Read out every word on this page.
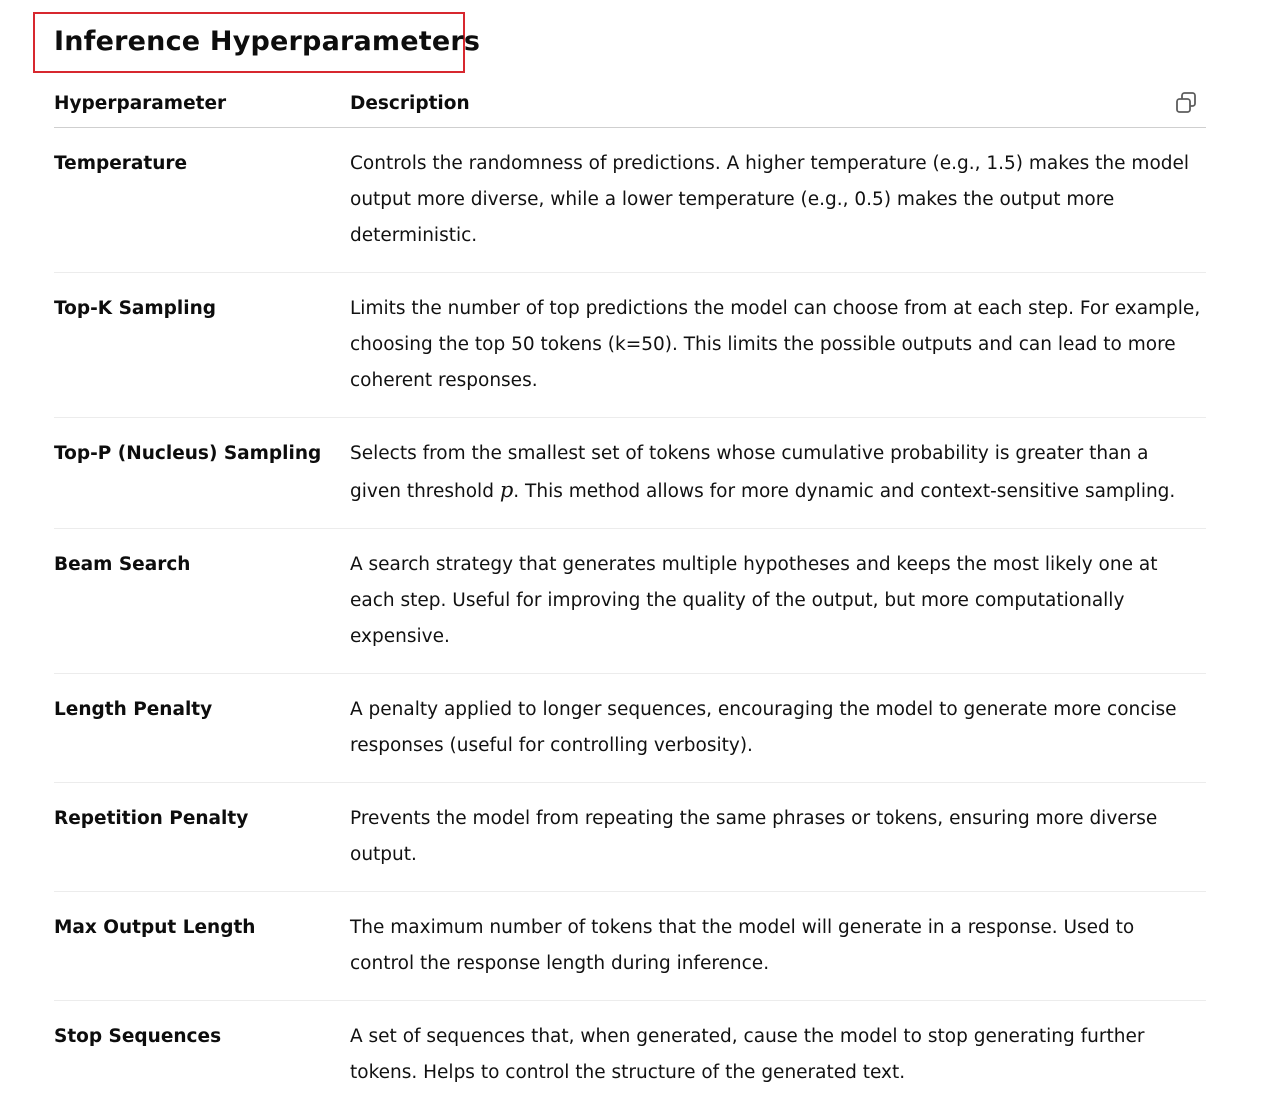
Inference Hyperparameters
Hyperparameter	Description
Temperature	Controls the randomness of predictions. A higher temperature (e.g., 1.5) makes the model output more diverse, while a lower temperature (e.g., 0.5) makes the output more deterministic.
Top-K Sampling	Limits the number of top predictions the model can choose from at each step. For example, choosing the top 50 tokens (k=50). This limits the possible outputs and can lead to more coherent responses.
Top-P (Nucleus) Sampling	Selects from the smallest set of tokens whose cumulative probability is greater than a given threshold p. This method allows for more dynamic and context-sensitive sampling.
Beam Search	A search strategy that generates multiple hypotheses and keeps the most likely one at each step. Useful for improving the quality of the output, but more computationally expensive.
Length Penalty	A penalty applied to longer sequences, encouraging the model to generate more concise responses (useful for controlling verbosity).
Repetition Penalty	Prevents the model from repeating the same phrases or tokens, ensuring more diverse output.
Max Output Length	The maximum number of tokens that the model will generate in a response. Used to control the response length during inference.
Stop Sequences	A set of sequences that, when generated, cause the model to stop generating further tokens. Helps to control the structure of the generated text.
